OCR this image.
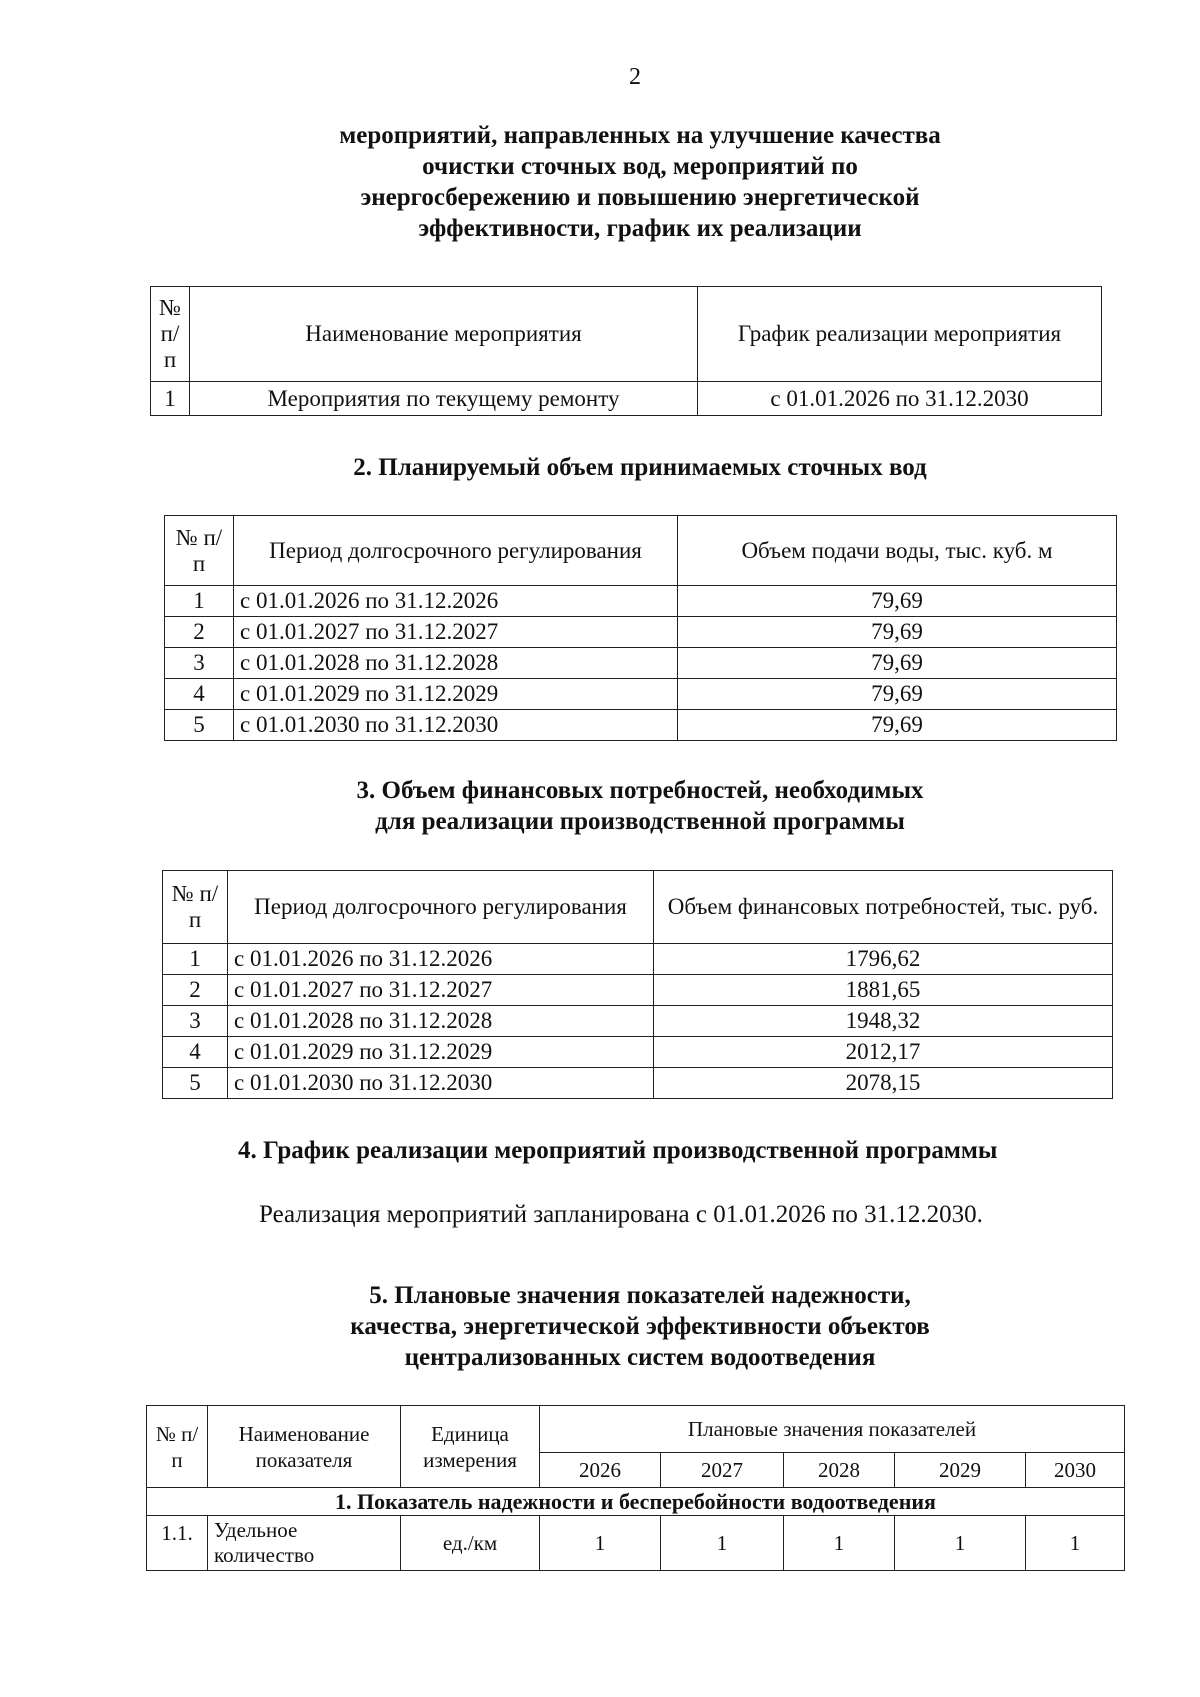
2
мероприятий, направленных на улучшение качества
очистки сточных вод, мероприятий по
энергосбережению и повышению энергетической
эффективности, график их реализации
№ п/ п	Наименование мероприятия	График реализации мероприятия
1	Мероприятия по текущему ремонту	с 01.01.2026 по 31.12.2030
2. Планируемый объем принимаемых сточных вод
№ п/п	Период долгосрочного регулирования	Объем подачи воды, тыс. куб. м
1	с 01.01.2026 по 31.12.2026	79,69
2	с 01.01.2027 по 31.12.2027	79,69
3	с 01.01.2028 по 31.12.2028	79,69
4	с 01.01.2029 по 31.12.2029	79,69
5	с 01.01.2030 по 31.12.2030	79,69
3. Объем финансовых потребностей, необходимых
для реализации производственной программы
№ п/п	Период долгосрочного регулирования	Объем финансовых потребностей, тыс. руб.
1	с 01.01.2026 по 31.12.2026	1796,62
2	с 01.01.2027 по 31.12.2027	1881,65
3	с 01.01.2028 по 31.12.2028	1948,32
4	с 01.01.2029 по 31.12.2029	2012,17
5	с 01.01.2030 по 31.12.2030	2078,15
4. График реализации мероприятий производственной программы
Реализация мероприятий запланирована с 01.01.2026 по 31.12.2030.
5. Плановые значения показателей надежности,
качества, энергетической эффективности объектов
централизованных систем водоотведения
№ п/п	Наименование показателя	Единица измерения	Плановые значения показателей				
			2026	2027	2028	2029	2030
1. Показатель надежности и бесперебойности водоотведения							
1.1.	Удельное количество	ед./км	1	1	1	1	1
